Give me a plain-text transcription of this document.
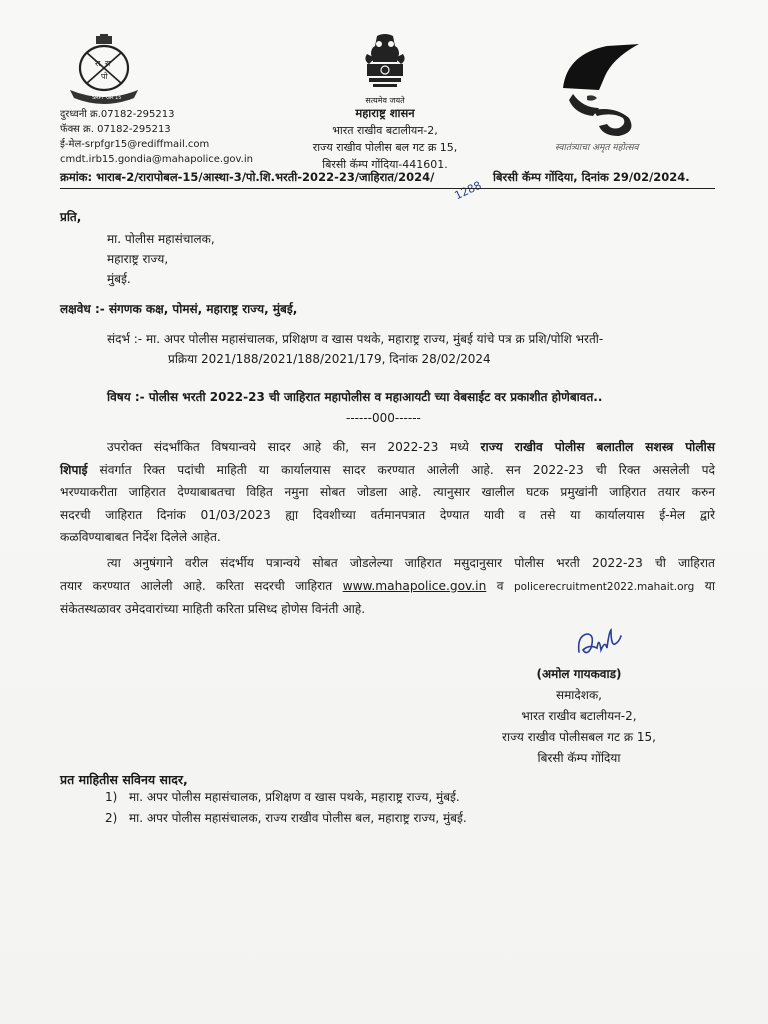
रा रा
पो
SRPF GR 15
दुरध्वनी क्र.07182-295213
फॅक्स क्र. 07182-295213
ई-मेल-srpfgr15@rediffmail.com
cmdt.irb15.gondia@mahapolice.gov.in
सत्यमेव जयते
महाराष्ट्र शासन
भारत राखीव बटालीयन-2,
राज्य राखीव पोलीस बल गट क्र 15,
बिरसी कॅम्प गोंदिया-441601.
स्वातंत्र्याचा अमृत महोत्सव
क्रमांक: भाराब-2/रारापोबल-15/आस्था-3/पो.शि.भरती-2022-23/जाहिरात/2024/	बिरसी कॅम्प गोंदिया, दिनांक 29/02/2024.
1288
प्रति,
मा. पोलीस महासंचालक,
महाराष्ट्र राज्य,
मुंबई.
लक्षवेध :- संगणक कक्ष, पोमसं, महाराष्ट्र राज्य, मुंबई,
संदर्भ :- मा. अपर पोलीस महासंचालक, प्रशिक्षण व खास पथके, महाराष्ट्र राज्य, मुंबई यांचे पत्र क्र प्रशि/पोशि भरती-
प्रक्रिया 2021/188/2021/188/2021/179, दिनांक 28/02/2024
विषय :- पोलीस भरती 2022-23 ची जाहिरात महापोलीस व महाआयटी च्या वेबसाईट वर प्रकाशीत होणेबावत..
------000------
उपरोक्त संदर्भांकित विषयान्वये सादर आहे की, सन 2022-23 मध्ये राज्य राखीव पोलीस बलातील सशस्त्र पोलीस
शिपाई संवर्गात रिक्त पदांची माहिती या कार्यालयास सादर करण्यात आलेली आहे. सन 2022-23 ची रिक्त असलेली पदे
भरण्याकरीता जाहिरात देण्याबाबतचा विहित नमुना सोबत जोडला आहे. त्यानुसार खालील घटक प्रमुखांनी जाहिरात तयार करुन
सदरची जाहिरात दिनांक 01/03/2023 ह्या दिवशीच्या वर्तमानपत्रात देण्यात यावी व तसे या कार्यालयास ई-मेल द्वारे
कळविण्याबाबत निर्देश दिलेले आहेत.
त्या अनुषंगाने वरील संदर्भीय पत्रान्वये सोबत जोडलेल्या जाहिरात मसुदानुसार पोलीस भरती 2022-23 ची जाहिरात
तयार करण्यात आलेली आहे. करिता सदरची जाहिरात www.mahapolice.gov.in व policerecruitment2022.mahait.org या
संकेतस्थळावर उमेदवारांच्या माहिती करिता प्रसिध्द होणेस विनंती आहे.
(अमोल गायकवाड)
समादेशक,
भारत राखीव बटालीयन-2,
राज्य राखीव पोलीसबल गट क्र 15,
बिरसी कॅम्प गोंदिया
प्रत माहितीस सविनय सादर,
1) मा. अपर पोलीस महासंचालक, प्रशिक्षण व खास पथके, महाराष्ट्र राज्य, मुंबई.
2) मा. अपर पोलीस महासंचालक, राज्य राखीव पोलीस बल, महाराष्ट्र राज्य, मुंबई.
